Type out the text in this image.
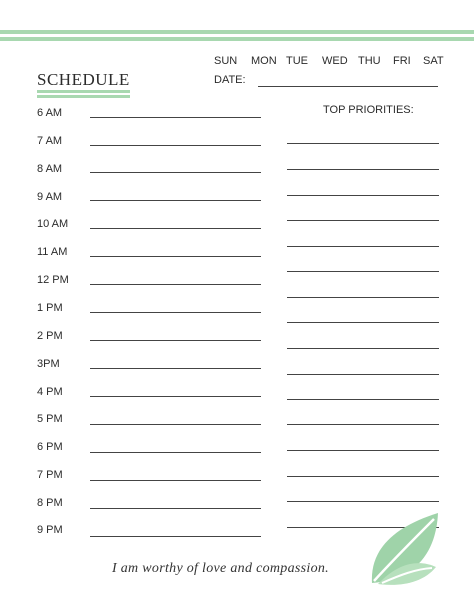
SCHEDULE
SUN MON TUE WED THU FRI SAT
DATE:
TOP PRIORITIES:
6 AM
7 AM
8 AM
9 AM
10 AM
11 AM
12 PM
1 PM
2 PM
3PM
4 PM
5 PM
6 PM
7 PM
8 PM
9 PM
I am worthy of love and compassion.
